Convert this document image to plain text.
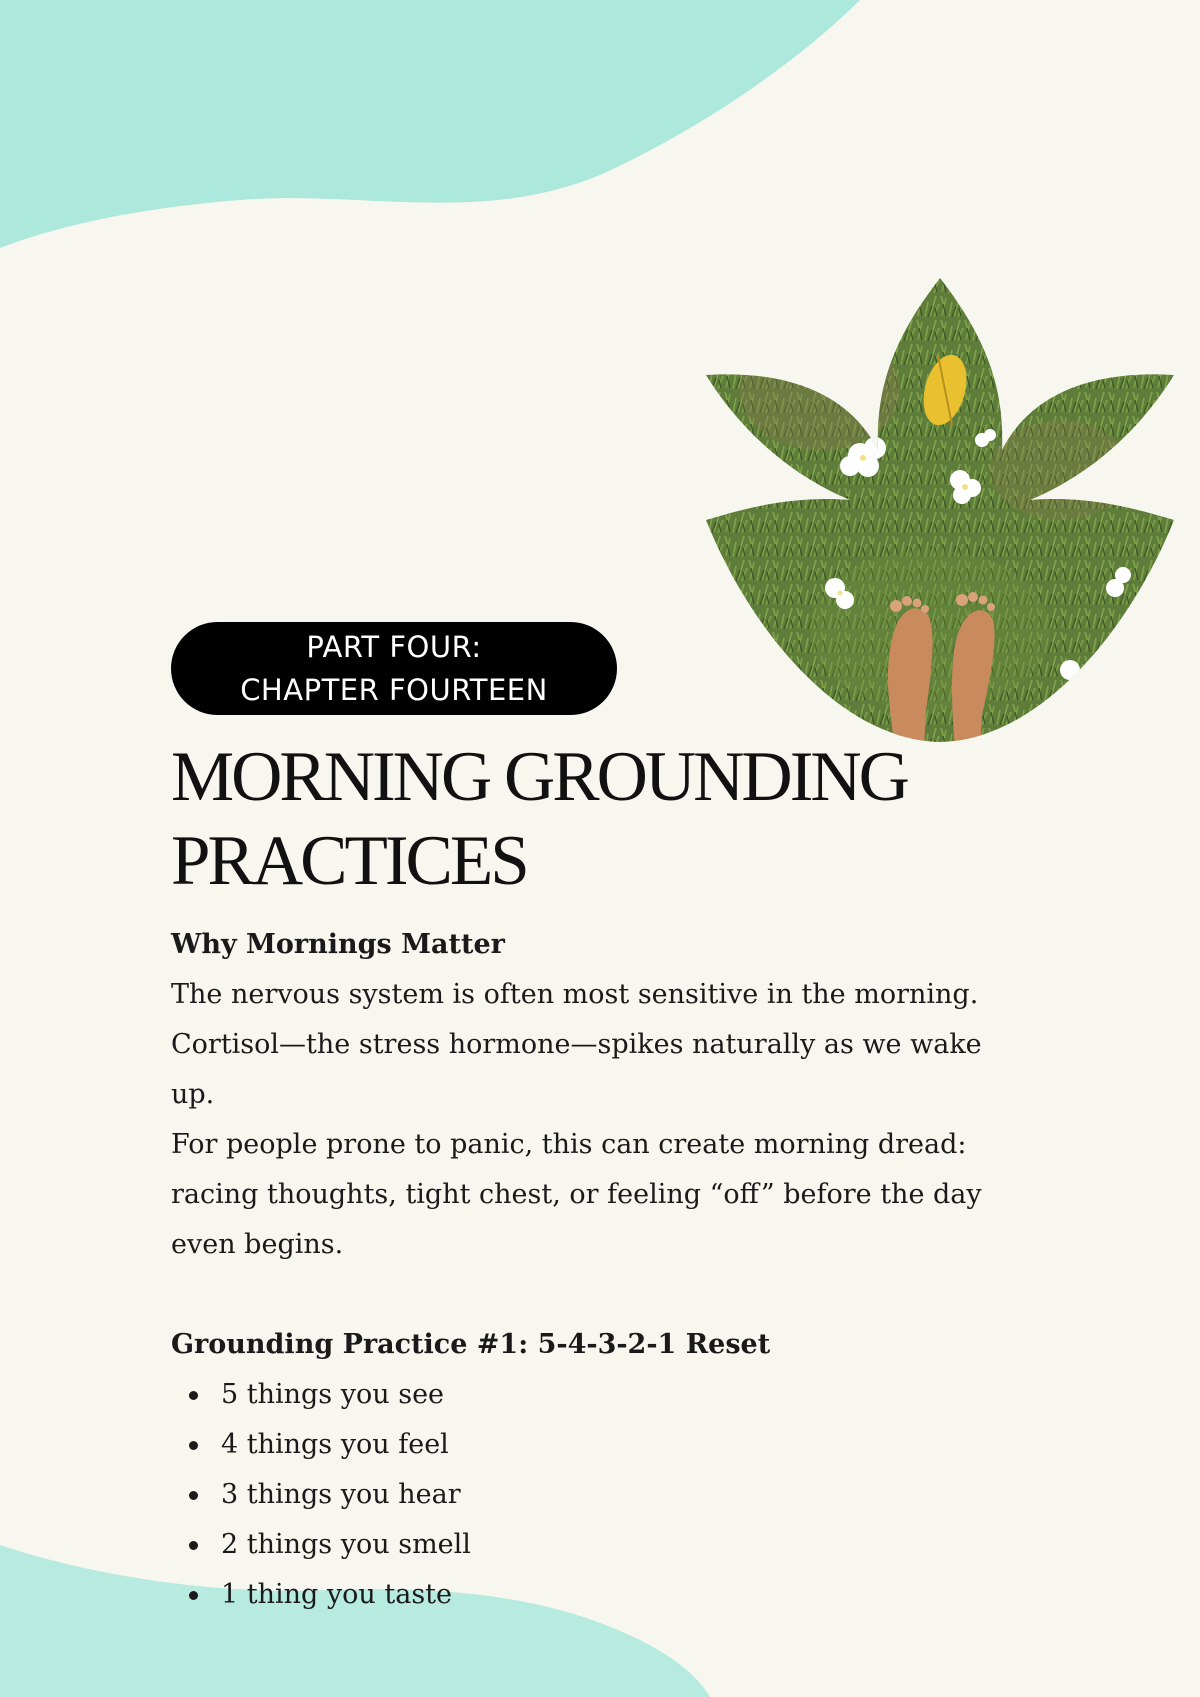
PART FOUR:
CHAPTER FOURTEEN
MORNING GROUNDING
PRACTICES
Why Mornings Matter

The nervous system is often most sensitive in the morning.
Cortisol—the stress hormone—spikes naturally as we wake up.
For people prone to panic, this can create morning dread:
racing thoughts, tight chest, or feeling “off” before the day
even begins.

Grounding Practice #1: 5-4-3-2-1 Reset
5 things you see
4 things you feel
3 things you hear
2 things you smell
1 thing you taste
